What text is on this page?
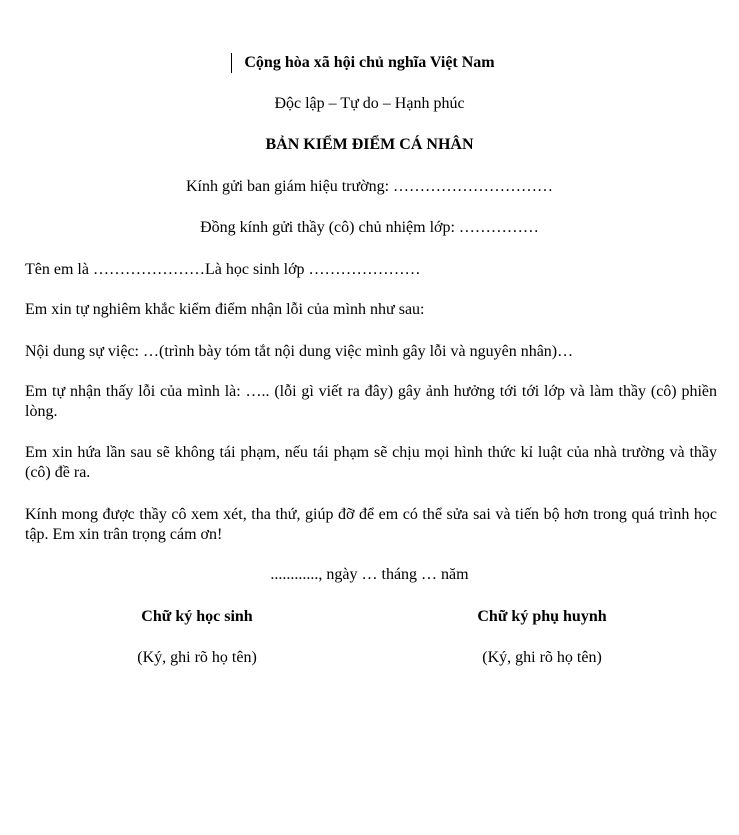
Cộng hòa xã hội chủ nghĩa Việt Nam

Độc lập – Tự do – Hạnh phúc

BẢN KIỂM ĐIỂM CÁ NHÂN

Kính gửi ban giám hiệu trường: …………………………

Đồng kính gửi thầy (cô) chủ nhiệm lớp: ……………

Tên em là …………………Là học sinh lớp …………………

Em xin tự nghiêm khắc kiểm điểm nhận lỗi của mình như sau:

Nội dung sự việc: …(trình bày tóm tắt nội dung việc mình gây lỗi và nguyên nhân)…

Em tự nhận thấy lỗi của mình là: ….. (lỗi gì viết ra đây) gây ảnh hưởng tới tới lớp và làm thầy (cô) phiền lòng.

Em xin hứa lần sau sẽ không tái phạm, nếu tái phạm sẽ chịu mọi hình thức kỉ luật của nhà trường và thầy (cô) đề ra.

Kính mong được thầy cô xem xét, tha thứ, giúp đỡ để em có thể sửa sai và tiến bộ hơn trong quá trình học tập. Em xin trân trọng cám ơn!

............, ngày … tháng … năm

Chữ ký học sinh
(Ký, ghi rõ họ tên)
Chữ ký phụ huynh
(Ký, ghi rõ họ tên)
